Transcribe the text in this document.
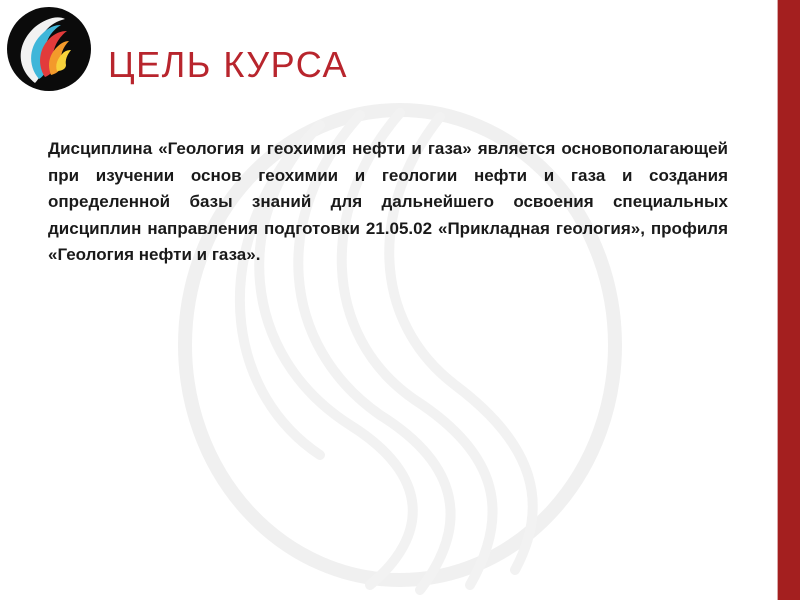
ЦЕЛЬ КУРСА

Дисциплина «Геология и геохимия нефти и газа» является основополагающей при изучении основ геохимии и геологии нефти и газа и создания определенной базы знаний для дальнейшего освоения специальных дисциплин направления подготовки 21.05.02 «Прикладная геология», профиля «Геология нефти и газа».
